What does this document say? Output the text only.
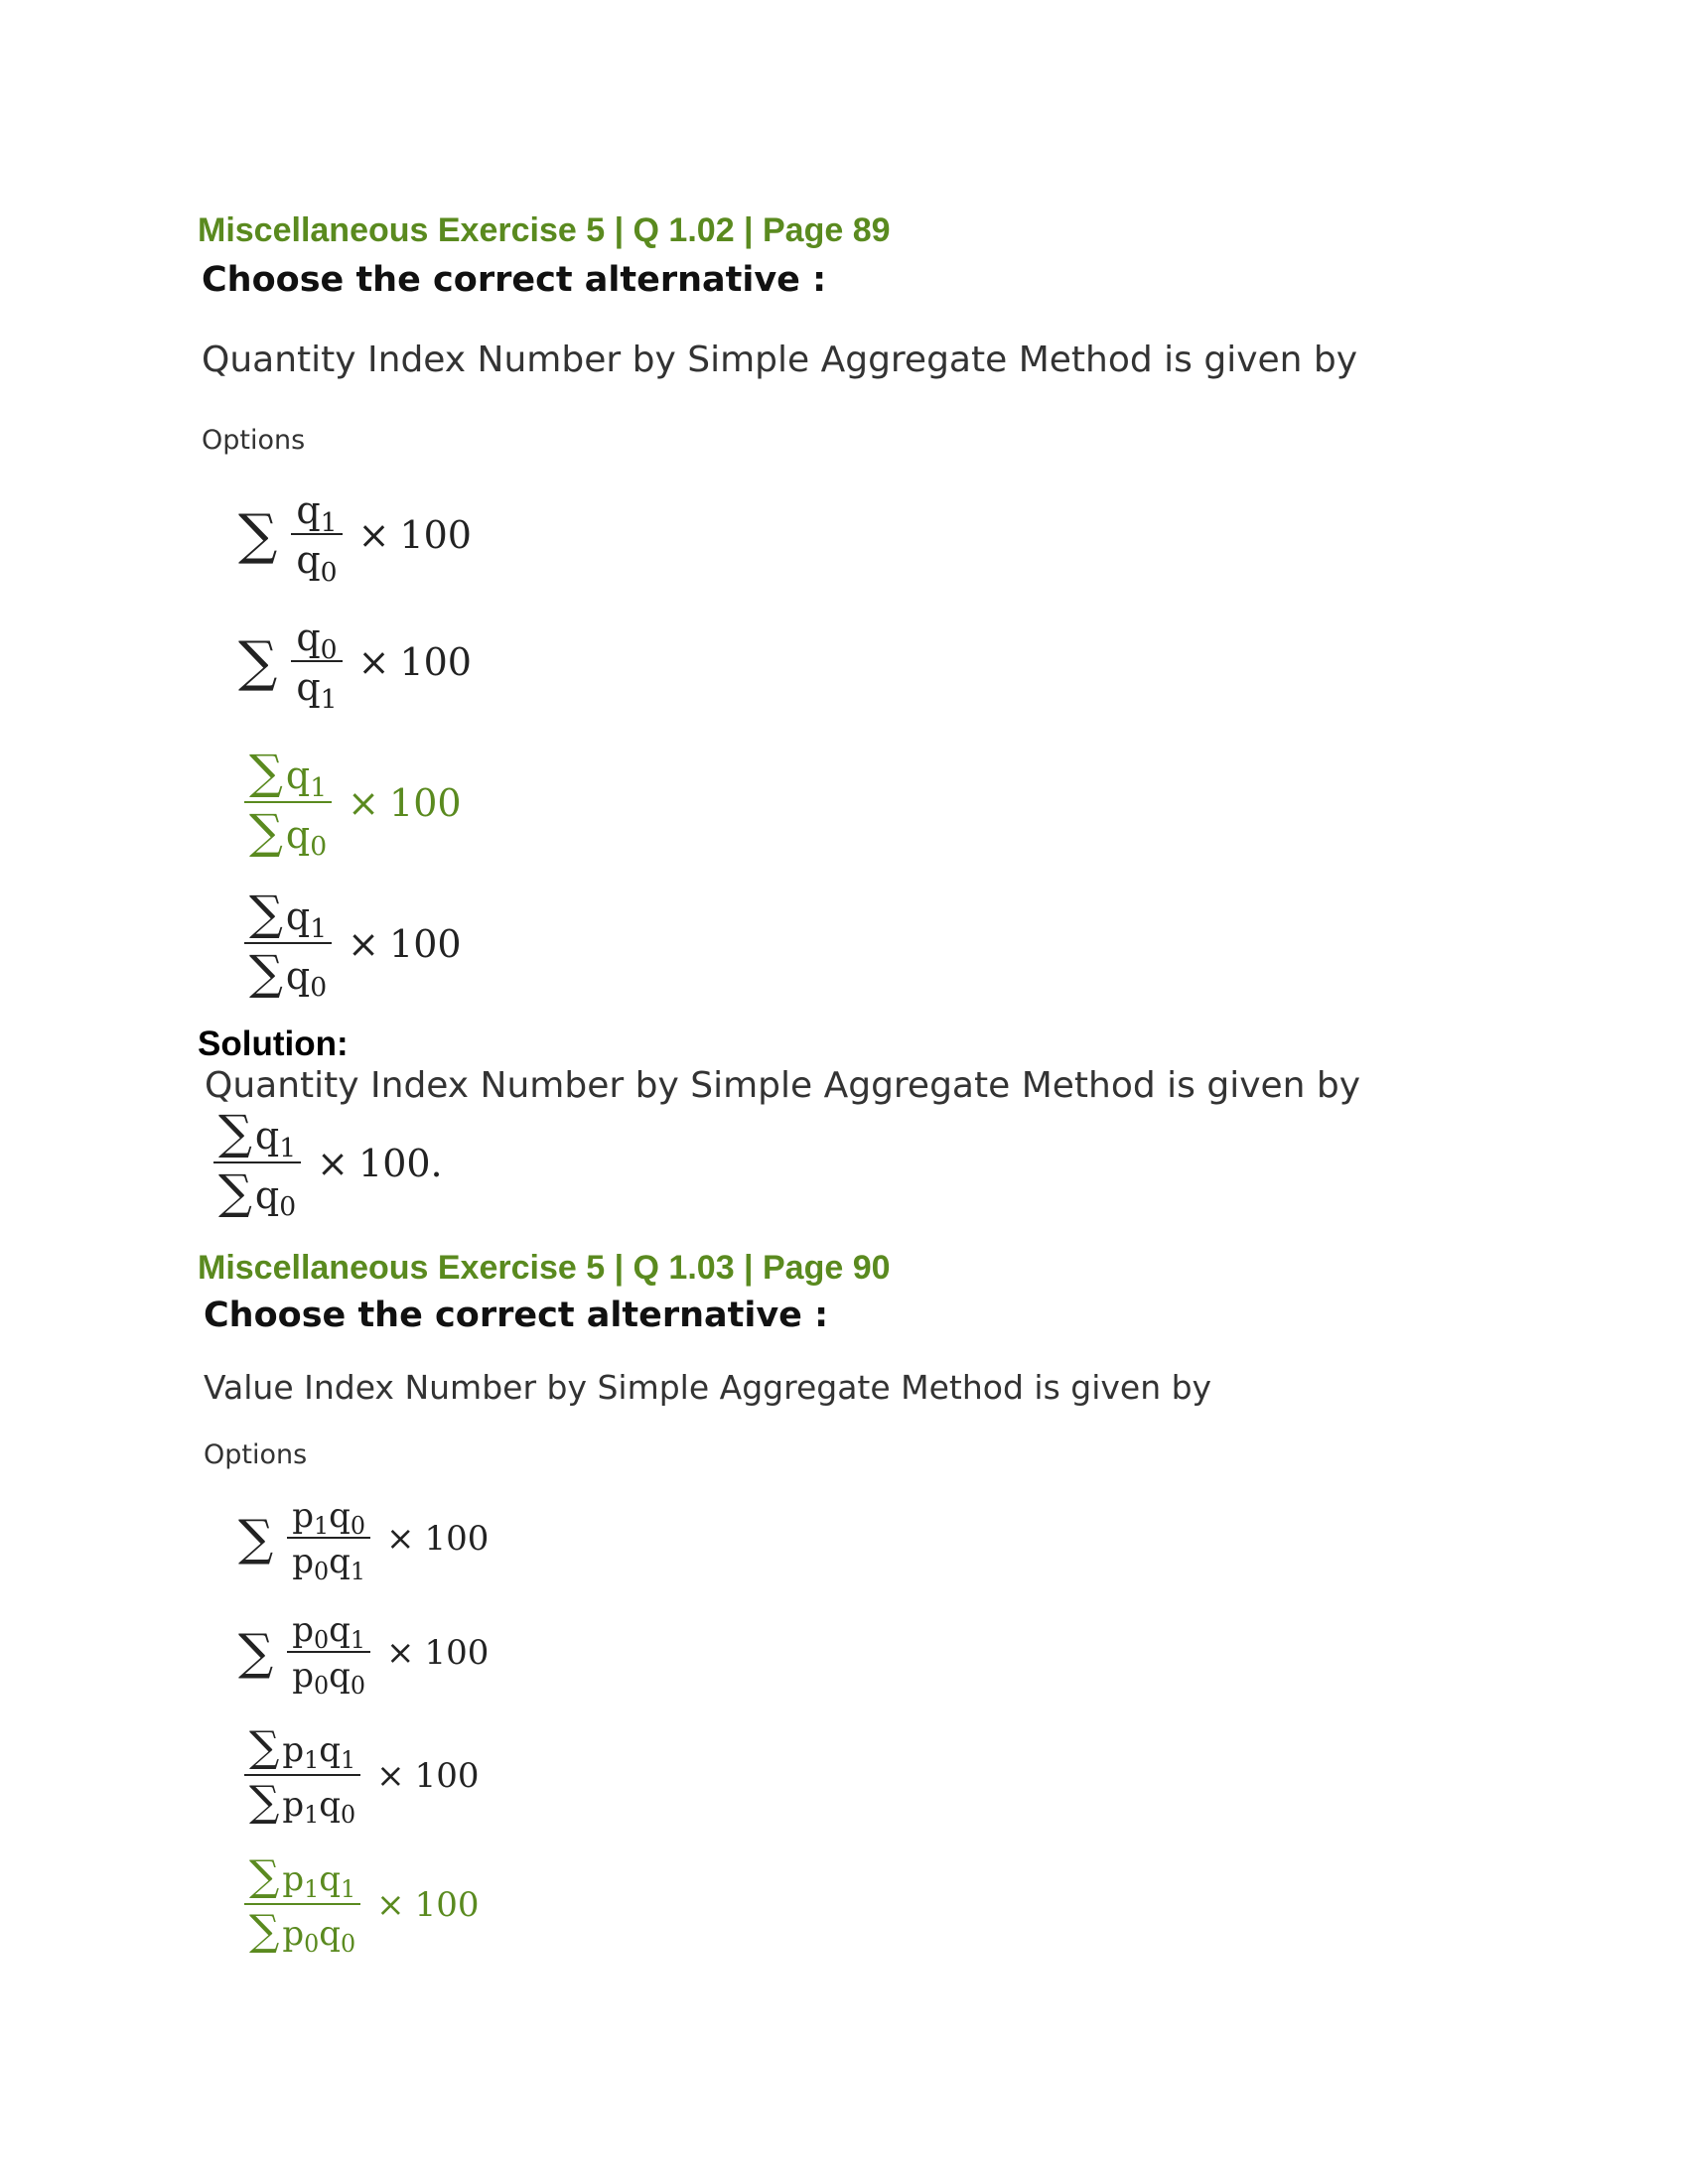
Miscellaneous Exercise 5 | Q 1.02 | Page 89
Choose the correct alternative :
Quantity Index Number by Simple Aggregate Method is given by
Options
∑ $\frac{q 1}{q 0} \times 100$
∑ $\frac{q 0}{q 1} \times 100$
$\frac{\sum q 1}{\sum q 0} \times 100$
$\frac{\sum q 1}{\sum q 0} \times 100$
Solution:
Quantity Index Number by Simple Aggregate Method is given by
$\frac{\sum q 1}{\sum q 0} \times 100$.
Miscellaneous Exercise 5 | Q 1.03 | Page 90
Choose the correct alternative :
Value Index Number by Simple Aggregate Method is given by
Options
∑ $\frac{p 1 q 0}{p 0 q 1} \times 100$
∑ $\frac{p 0 q 1}{p 0 q 0} \times 100$
$\frac{\sum p 1 q 1}{\sum p 1 q 0} \times 100$
$\frac{\sum p 1 q 1}{\sum p 0 q 0} \times 100$
